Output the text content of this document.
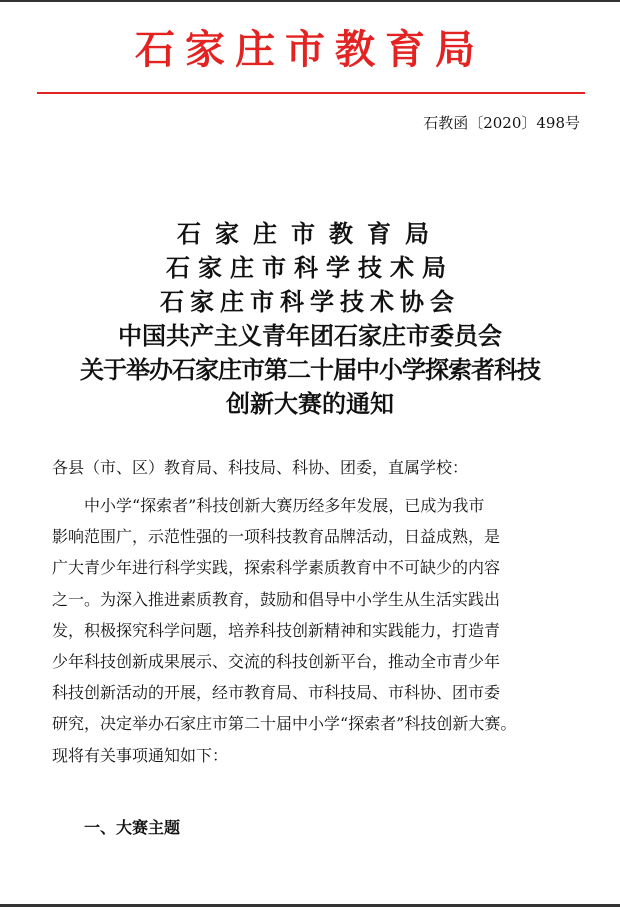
石家庄市教育局
石教函〔2020〕498号
石家庄市教育局
石家庄市科学技术局
石家庄市科学技术协会
中国共产主义青年团石家庄市委员会
关于举办石家庄市第二十届中小学探索者科技
创新大赛的通知
各县（市、区）教育局、科技局、科协、团委，直属学校：
中小学“探索者”科技创新大赛历经多年发展，已成为我市
影响范围广，示范性强的一项科技教育品牌活动，日益成熟，是
广大青少年进行科学实践，探索科学素质教育中不可缺少的内容
之一。为深入推进素质教育，鼓励和倡导中小学生从生活实践出
发，积极探究科学问题，培养科技创新精神和实践能力，打造青
少年科技创新成果展示、交流的科技创新平台，推动全市青少年
科技创新活动的开展，经市教育局、市科技局、市科协、团市委
研究，决定举办石家庄市第二十届中小学“探索者”科技创新大赛。
现将有关事项通知如下：
一、大赛主题
